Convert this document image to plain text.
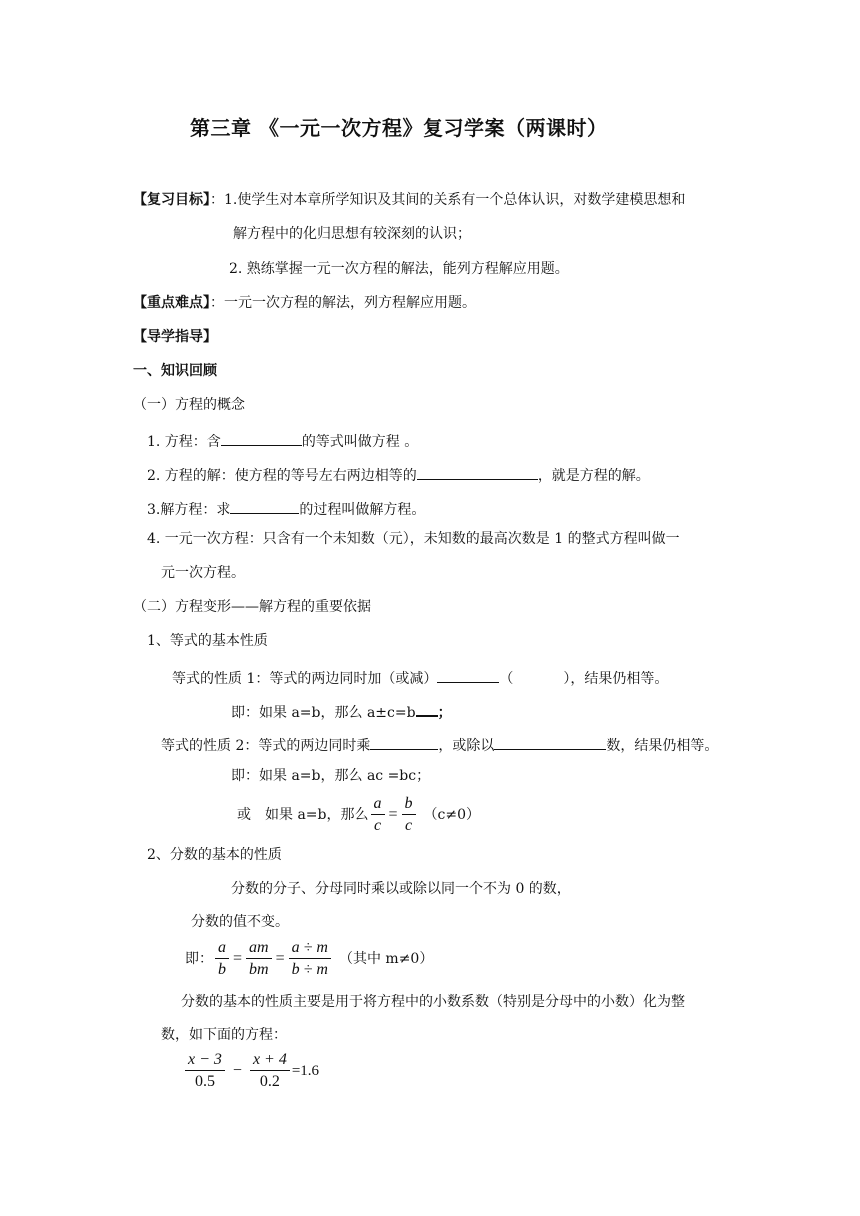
第三章 《一元一次方程》复习学案（两课时）
【复习目标】：1.使学生对本章所学知识及其间的关系有一个总体认识，对数学建模思想和
解方程中的化归思想有较深刻的认识；
2. 熟练掌握一元一次方程的解法，能列方程解应用题。
【重点难点】：一元一次方程的解法，列方程解应用题。
【导学指导】
一、知识回顾
（一）方程的概念
1. 方程：含	的等式叫做方程 。
2. 方程的解：使方程的等号左右两边相等的	，就是方程的解。
3.解方程：求	的过程叫做解方程。
4. 一元一次方程：只含有一个未知数（元），未知数的最高次数是 1 的整式方程叫做一
元一次方程。
（二）方程变形——解方程的重要依据
1、等式的基本性质
等式的性质 1：等式的两边同时加（或减）	（	），结果仍相等。
即：如果 a=b，那么 a±c=b ；
等式的性质 2：等式的两边同时乘	，或除以	数，结果仍相等。
即：如果 a=b，那么 ac =bc；
或　如果 a=b，那么 $\frac{a}{c} = \frac{b}{c} (c\ne 0)$
2、分数的基本的性质
分数的分子、分母同时乘以或除以同一个不为 0 的数，
分数的值不变。
即： $\frac{a}{b} = \frac{am}{bm} = \frac{a \div m}{b \div m}$ （其中 m≠0）
分数的基本的性质主要是用于将方程中的小数系数（特别是分母中的小数）化为整
数，如下面的方程：
$\frac{x - 3}{0.5} - \frac{x + 4}{0.2} =1.6$
